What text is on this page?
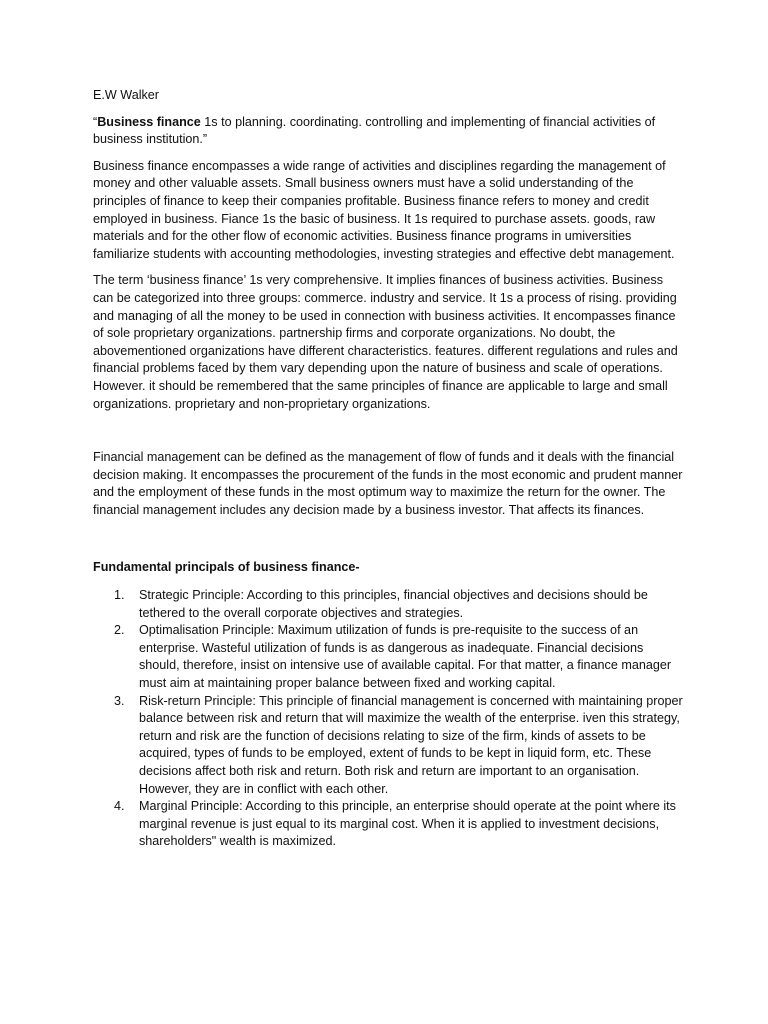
E.W Walker

“Business finance 1s to planning. coordinating. controlling and implementing of financial activities of business institution.”

Business finance encompasses a wide range of activities and disciplines regarding the management of money and other valuable assets. Small business owners must have a solid understanding of the principles of finance to keep their companies profitable. Business finance refers to money and credit employed in business. Fiance 1s the basic of business. It 1s required to purchase assets. goods, raw materials and for the other flow of economic activities. Business finance programs in umiversities familiarize students with accounting methodologies, investing strategies and effective debt management.

The term ‘business finance’ 1s very comprehensive. It implies finances of business activities. Business can be categorized into three groups: commerce. industry and service. It 1s a process of rising. providing and managing of all the money to be used in connection with business activities. It encompasses finance of sole proprietary organizations. partnership firms and corporate organizations. No doubt, the abovementioned organizations have different characteristics. features. different regulations and rules and financial problems faced by them vary depending upon the nature of business and scale of operations. However. it should be remembered that the same principles of finance are applicable to large and small organizations. proprietary and non-proprietary organizations.

Financial management can be defined as the management of flow of funds and it deals with the financial decision making. It encompasses the procurement of the funds in the most economic and prudent manner and the employment of these funds in the most optimum way to maximize the return for the owner. The financial management includes any decision made by a business investor. That affects its finances.

Fundamental principals of business finance-

1. Strategic Principle: According to this principles, financial objectives and decisions should be tethered to the overall corporate objectives and strategies.
2. Optimalisation Principle: Maximum utilization of funds is pre-requisite to the success of an enterprise. Wasteful utilization of funds is as dangerous as inadequate. Financial decisions should, therefore, insist on intensive use of available capital. For that matter, a finance manager must aim at maintaining proper balance between fixed and working capital.
3. Risk-return Principle: This principle of financial management is concerned with maintaining proper balance between risk and return that will maximize the wealth of the enterprise. iven this strategy, return and risk are the function of decisions relating to size of the firm, kinds of assets to be acquired, types of funds to be employed, extent of funds to be kept in liquid form, etc. These decisions affect both risk and return. Both risk and return are important to an organisation. However, they are in conflict with each other.
4. Marginal Principle: According to this principle, an enterprise should operate at the point where its marginal revenue is just equal to its marginal cost. When it is applied to investment decisions, shareholders" wealth is maximized.
